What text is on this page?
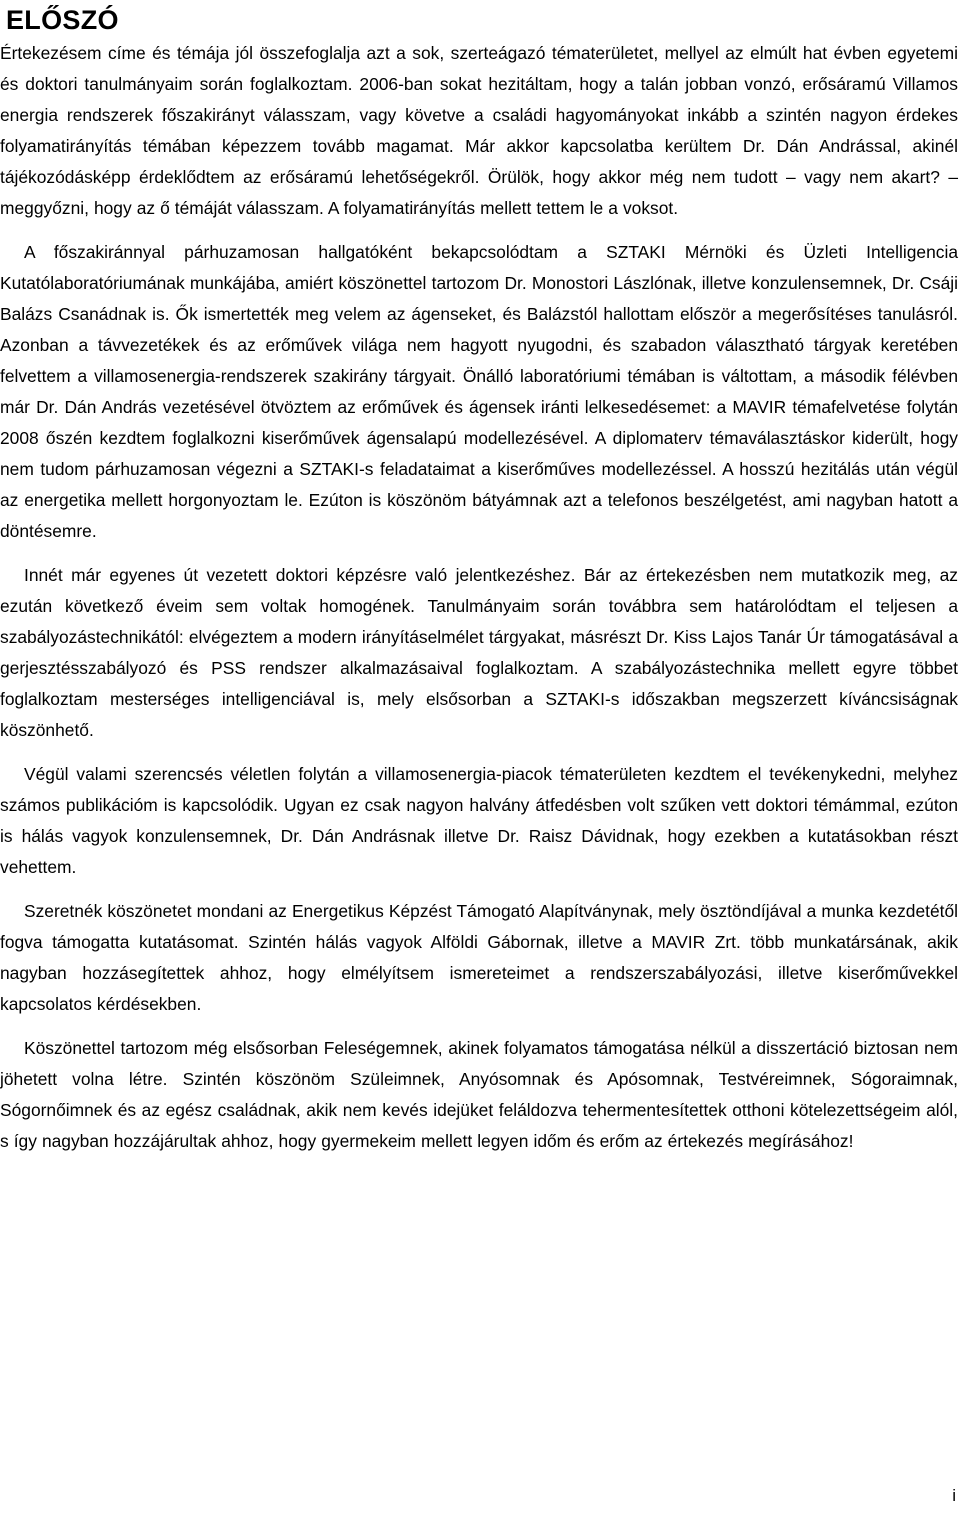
ELŐSZÓ

Értekezésem címe és témája jól összefoglalja azt a sok, szerteágazó tématerületet, mellyel az elmúlt hat évben egyetemi és doktori tanulmányaim során foglalkoztam. 2006-ban sokat hezitáltam, hogy a talán jobban vonzó, erősáramú Villamos energia rendszerek főszakirányt válasszam, vagy követve a családi hagyományokat inkább a szintén nagyon érdekes folyamatirányítás témában képezzem tovább magamat. Már akkor kapcsolatba kerültem Dr. Dán Andrással, akinél tájékozódásképp érdeklődtem az erősáramú lehetőségekről. Örülök, hogy akkor még nem tudott – vagy nem akart? – meggyőzni, hogy az ő témáját válasszam. A folyamatirányítás mellett tettem le a voksot.

A főszakiránnyal párhuzamosan hallgatóként bekapcsolódtam a SZTAKI Mérnöki és Üzleti Intelligencia Kutatólaboratóriumának munkájába, amiért köszönettel tartozom Dr. Monostori Lászlónak, illetve konzulensemnek, Dr. Csáji Balázs Csanádnak is. Ők ismertették meg velem az ágenseket, és Balázstól hallottam először a megerősítéses tanulásról. Azonban a távvezetékek és az erőművek világa nem hagyott nyugodni, és szabadon választható tárgyak keretében felvettem a villamosenergia-rendszerek szakirány tárgyait. Önálló laboratóriumi témában is váltottam, a második félévben már Dr. Dán András vezetésével ötvöztem az erőművek és ágensek iránti lelkesedésemet: a MAVIR témafelvetése folytán 2008 őszén kezdtem foglalkozni kiserőművek ágensalapú modellezésével. A diplomaterv témaválasztáskor kiderült, hogy nem tudom párhuzamosan végezni a SZTAKI-s feladataimat a kiserőműves modellezéssel. A hosszú hezitálás után végül az energetika mellett horgonyoztam le. Ezúton is köszönöm bátyámnak azt a telefonos beszélgetést, ami nagyban hatott a döntésemre.

Innét már egyenes út vezetett doktori képzésre való jelentkezéshez. Bár az értekezésben nem mutatkozik meg, az ezután következő éveim sem voltak homogének. Tanulmányaim során továbbra sem határolódtam el teljesen a szabályozástechnikától: elvégeztem a modern irányításelmélet tárgyakat, másrészt Dr. Kiss Lajos Tanár Úr támogatásával a gerjesztésszabályozó és PSS rendszer alkalmazásaival foglalkoztam. A szabályozástechnika mellett egyre többet foglalkoztam mesterséges intelligenciával is, mely elsősorban a SZTAKI-s időszakban megszerzett kíváncsiságnak köszönhető.

Végül valami szerencsés véletlen folytán a villamosenergia-piacok tématerületen kezdtem el tevékenykedni, melyhez számos publikációm is kapcsolódik. Ugyan ez csak nagyon halvány átfedésben volt szűken vett doktori témámmal, ezúton is hálás vagyok konzulensemnek, Dr. Dán Andrásnak illetve Dr. Raisz Dávidnak, hogy ezekben a kutatásokban részt vehettem.

Szeretnék köszönetet mondani az Energetikus Képzést Támogató Alapítványnak, mely ösztöndíjával a munka kezdetétől fogva támogatta kutatásomat. Szintén hálás vagyok Alföldi Gábornak, illetve a MAVIR Zrt. több munkatársának, akik nagyban hozzásegítettek ahhoz, hogy elmélyítsem ismereteimet a rendszerszabályozási, illetve kiserőművekkel kapcsolatos kérdésekben.

Köszönettel tartozom még elsősorban Feleségemnek, akinek folyamatos támogatása nélkül a disszertáció biztosan nem jöhetett volna létre. Szintén köszönöm Szüleimnek, Anyósomnak és Apósomnak, Testvéreimnek, Sógoraimnak, Sógornőimnek és az egész családnak, akik nem kevés idejüket feláldozva tehermentesítettek otthoni kötelezettségeim alól, s így nagyban hozzájárultak ahhoz, hogy gyermekeim mellett legyen időm és erőm az értekezés megírásához!

i
